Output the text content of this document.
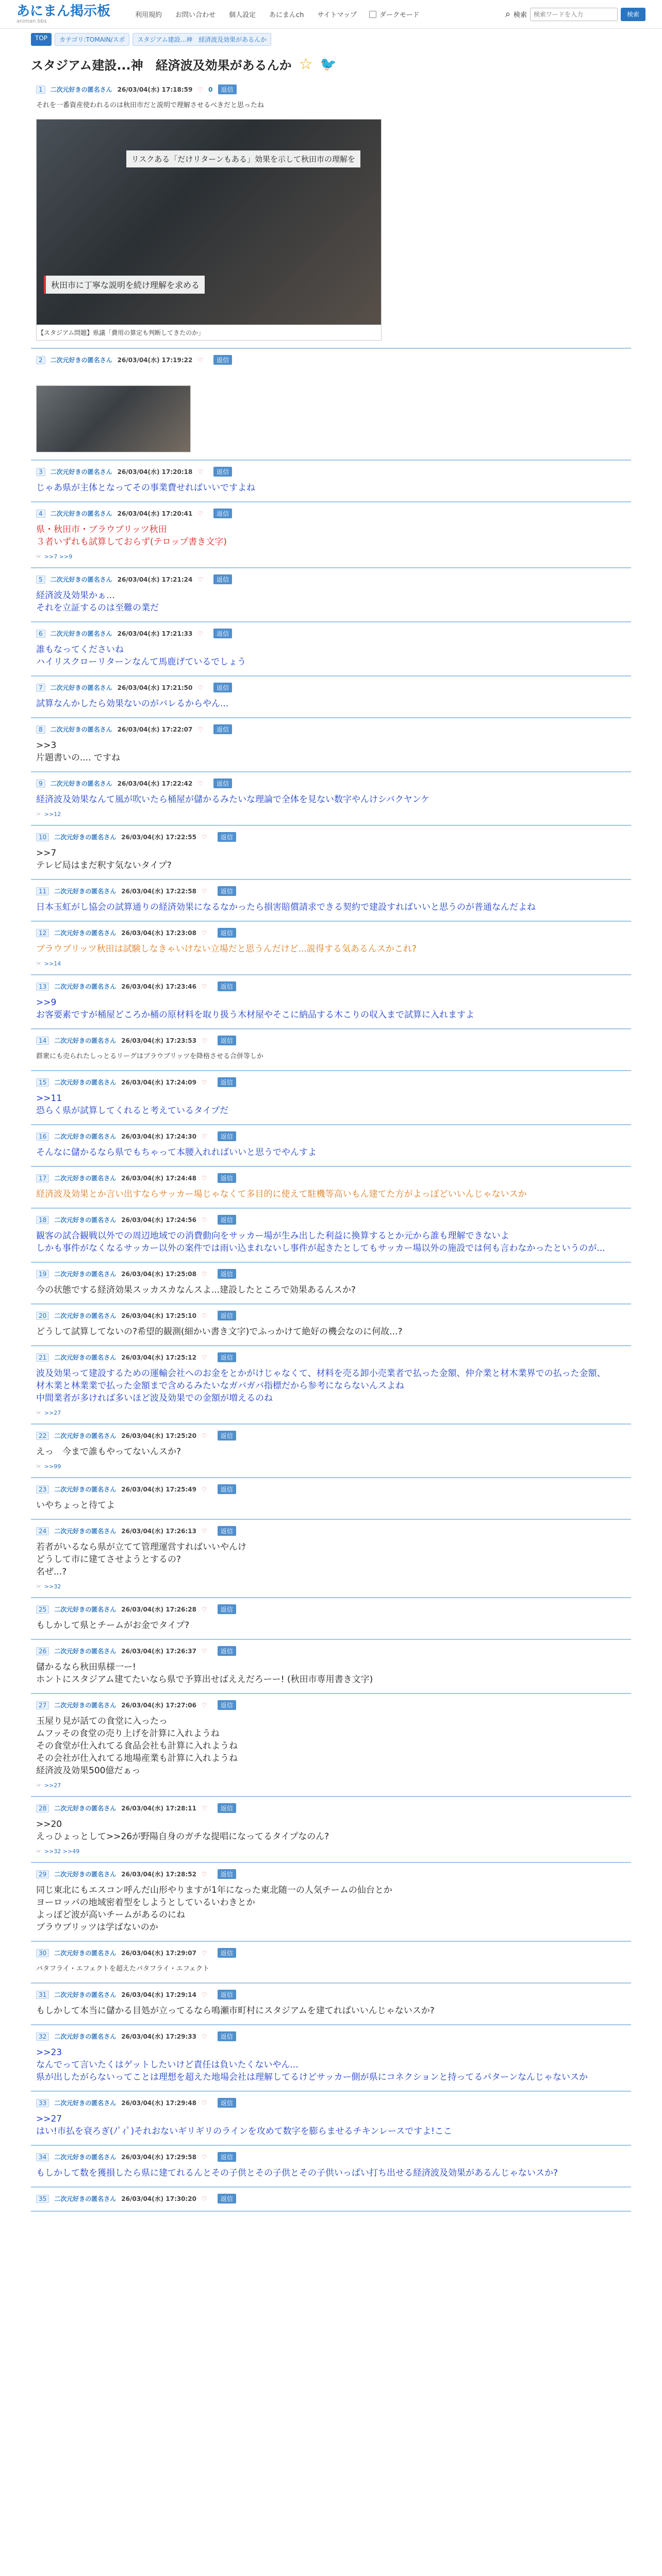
あにまん掲示板
animan bbs
利用規約 お問い合わせ 個人設定 あにまんch サイトマップ	ダークモード	⌕ 検索
検索ワードを入力	検索
TOP	カテゴリ:TOMAIN/スポ	スタジアム建設...神　経済波及効果があるんか
スタジアム建設...神　経済波及効果があるんか ☆ 🐦
1	二次元好きの匿名さん 26/03/04(水) 17:18:59 ♡ 0	返信
それを一番資産使われるのは秋田市だと説明で理解させるべきだと思ったね
秋田市に丁寧な説明を続け理解を求める
リスクある「だけリターンもある」効果を示して秋田市の理解を
【スタジアム問題】県議「費用の算定も判断してきたのか」
2	二次元好きの匿名さん 26/03/04(水) 17:19:22 ♡	返信
3	二次元好きの匿名さん 26/03/04(水) 17:20:18 ♡	返信
じゃあ県が主体となってその事業費せればいいですよね
4	二次元好きの匿名さん 26/03/04(水) 17:20:41 ♡	返信
県・秋田市・ブラウブリッツ秋田
３者いずれも試算しておらず(テロップ書き文字)
☞ >>7 >>9
5	二次元好きの匿名さん 26/03/04(水) 17:21:24 ♡	返信
経済波及効果かぁ…
それを立証するのは至難の業だ
6	二次元好きの匿名さん 26/03/04(水) 17:21:33 ♡	返信
誰もなってくださいね
ハイリスクローリターンなんて馬鹿げているでしょう
7	二次元好きの匿名さん 26/03/04(水) 17:21:50 ♡	返信
試算なんかしたら効果ないのがバレるからやん...
8	二次元好きの匿名さん 26/03/04(水) 17:22:07 ♡	返信
>>3
片題書いの.... ですね
9	二次元好きの匿名さん 26/03/04(水) 17:22:42 ♡	返信
経済波及効果なんて風が吹いたら桶屋が儲かるみたいな理論で全体を見ない数字やんけシバクヤンケ
☞ >>12
10	二次元好きの匿名さん 26/03/04(水) 17:22:55 ♡	返信
>>7
テレビ局はまだ釈す気ないタイプ?
11	二次元好きの匿名さん 26/03/04(水) 17:22:58 ♡	返信
日本玉虹がし協会の試算通りの経済効果になるなかったら損害賠償請求できる契約で建設すればいいと思うのが普通なんだよね
12	二次元好きの匿名さん 26/03/04(水) 17:23:08 ♡	返信
ブラウブリッツ秋田は試験しなきゃいけない立場だと思うんだけど...説得する気あるんスかこれ?
☞ >>14
13	二次元好きの匿名さん 26/03/04(水) 17:23:46 ♡	返信
>>9
お客要素ですが桶屋どころか桶の原材料を取り扱う木材屋やそこに納品する木こりの収入まで試算に入れますよ
14	二次元好きの匿名さん 26/03/04(水) 17:23:53 ♡	返信
群衆にも売られたしっとるリーグはブラウブリッツを降格させる合併等しか
15	二次元好きの匿名さん 26/03/04(水) 17:24:09 ♡	返信
>>11
恐らく県が試算してくれると考えているタイプだ
16	二次元好きの匿名さん 26/03/04(水) 17:24:30 ♡	返信
そんなに儲かるなら県でもちゃって本腰入れればいいと思うでやんすよ
17	二次元好きの匿名さん 26/03/04(水) 17:24:48 ♡	返信
経済波及効果とか言い出すならサッカー場じゃなくて多目的に使えて駐機等高いもん建てた方がよっぽどいいんじゃないスか
18	二次元好きの匿名さん 26/03/04(水) 17:24:56 ♡	返信
観客の試合観戦以外での周辺地域での消費動向をサッカー場が生み出した利益に換算するとか元から誰も理解できないよ
しかも事件がなくなるサッカー以外の案件では雨い込まれないし事件が起きたとしてもサッカー場以外の施設では何も言わなかったというのが...
19	二次元好きの匿名さん 26/03/04(水) 17:25:08 ♡	返信
今の状態でする経済効果スッカスカなんスよ...建設したところで効果あるんスか?
20	二次元好きの匿名さん 26/03/04(水) 17:25:10 ♡	返信
どうして試算してないの?希望的観測(細かい書き文字)でふっかけて絶好の機会なのに何故...?
21	二次元好きの匿名さん 26/03/04(水) 17:25:12 ♡	返信
波及効果って建設するための運輸会社へのお金をとかがけじゃなくて、材料を売る卸小売業者で払った金額、仲介業と材木業界での払った金額、
材木業と林業業で払った金額まで含めるみたいなガバガバ指標だから参考にならないんスよね
中間業者が多ければ多いほど波及効果での金額が増えるのね
☞ >>27
22	二次元好きの匿名さん 26/03/04(水) 17:25:20 ♡	返信
えっ　今まで誰もやってないんスか?
☞ >>99
23	二次元好きの匿名さん 26/03/04(水) 17:25:49 ♡	返信
いやちょっと待てよ
24	二次元好きの匿名さん 26/03/04(水) 17:26:13 ♡	返信
若者がいるなら県が立てて管理運営すればいいやんけ
どうして市に建てさせようとするの?
名ぜ...?
☞ >>32
25	二次元好きの匿名さん 26/03/04(水) 17:26:28 ♡	返信
もしかして県とチームがお金でタイプ?
26	二次元好きの匿名さん 26/03/04(水) 17:26:37 ♡	返信
儲かるなら秋田県様一ー!
ホントにスタジアム建てたいなら県で予算出せばええだろーー! (秋田市専用書き文字)
27	二次元好きの匿名さん 26/03/04(水) 17:27:06 ♡	返信
玉屋り見が話ての食堂に入ったっ
ムフッその食堂の売り上げを計算に入れようね
その食堂が仕入れてる食品会社も計算に入れようね
その会社が仕入れてる地場産業も計算に入れようね
経済波及効果500億だぁっ
☞ >>27
28	二次元好きの匿名さん 26/03/04(水) 17:28:11 ♡	返信
>>20
えっひょっとして>>26が野陽自身のガチな提唱になってるタイプなのん?
☞ >>32 >>49
29	二次元好きの匿名さん 26/03/04(水) 17:28:52 ♡	返信
同じ東北にもエスコン呼んだ山形やりますが1年になった東北随一の人気チームの仙台とか
ヨーロッパの地域密着型をしようとしているいわきとか
よっぽど波が高いチームがあるのにね
ブラウブリッツは学ばないのか
30	二次元好きの匿名さん 26/03/04(水) 17:29:07 ♡	返信
バタフライ・エフェクトを超えたバタフライ・エフェクト
31	二次元好きの匿名さん 26/03/04(水) 17:29:14 ♡	返信
もしかして本当に儲かる目処が立ってるなら鳴瀬市町村にスタジアムを建てればいいんじゃないスか?
32	二次元好きの匿名さん 26/03/04(水) 17:29:33 ♡	返信
>>23
なんでって言いたくはゲットしたいけど責任は負いたくないやん...
県が出したがらないってことは理想を超えた地場会社は理解してるけどサッカー側が県にコネクションと持ってるパターンなんじゃないスか
33	二次元好きの匿名さん 26/03/04(水) 17:29:48 ♡	返信
>>27
はい!市払を衰ろぎ(ﾉﾟｨﾟ)それおないギリギリのラインを攻めて数字を膨らませるチキンレースですよ!ここ
34	二次元好きの匿名さん 26/03/04(水) 17:29:58 ♡	返信
もしかして数を獲損したら県に建てれるんとその子供とその子供とその子供いっぱい打ち出せる経済波及効果があるんじゃないスか?
35	二次元好きの匿名さん 26/03/04(水) 17:30:20 ♡	返信
